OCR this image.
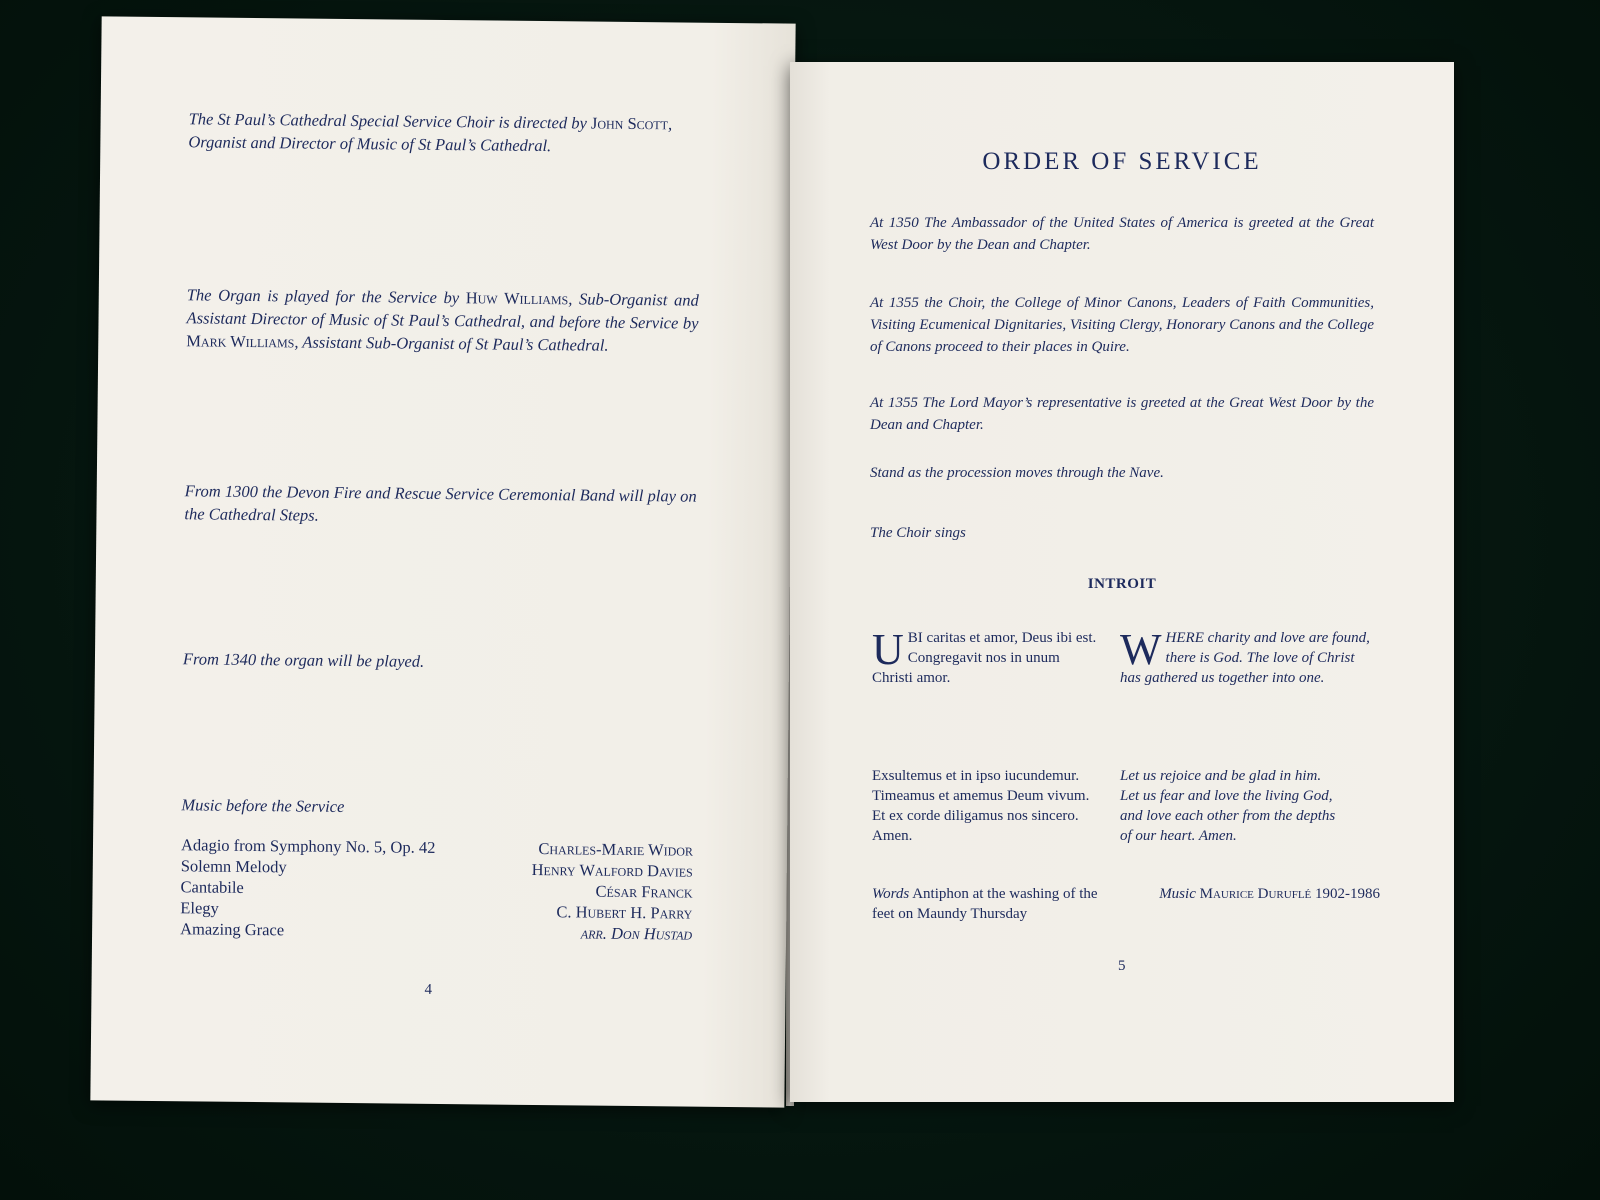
The St Paul’s Cathedral Special Service Choir is directed by John Scott, Organist and Director of Music of St Paul’s Cathedral.

The Organ is played for the Service by Huw Williams, Sub-Organist and Assistant Director of Music of St Paul’s Cathedral, and before the Service by Mark Williams, Assistant Sub-Organist of St Paul’s Cathedral.

From 1300 the Devon Fire and Rescue Service Ceremonial Band will play on the Cathedral Steps.

From 1340 the organ will be played.

Music before the Service

Adagio from Symphony No. 5, Op. 42	Charles-Marie Widor
Solemn Melody	Henry Walford Davies
Cantabile	César Franck
Elegy	C. Hubert H. Parry
Amazing Grace	arr. Don Hustad
4
ORDER OF SERVICE

At 1350 The Ambassador of the United States of America is greeted at the Great West Door by the Dean and Chapter.

At 1355 the Choir, the College of Minor Canons, Leaders of Faith Communities, Visiting Ecumenical Dignitaries, Visiting Clergy, Honorary Canons and the College of Canons proceed to their places in Quire.

At 1355 The Lord Mayor’s representative is greeted at the Great West Door by the Dean and Chapter.

Stand as the procession moves through the Nave.

The Choir sings

INTROIT

UBI caritas et amor, Deus ibi est. Congregavit nos in unum Christi amor.

WHERE charity and love are found, there is God. The love of Christ has gathered us together into one.

Exsultemus et in ipso iucundemur.
Timeamus et amemus Deum vivum.
Et ex corde diligamus nos sincero.
Amen.
Let us rejoice and be glad in him.
Let us fear and love the living God,
and love each other from the depths
of our heart. Amen.

Words Antiphon at the washing of the feet on Maundy Thursday

Music Maurice Duruflé 1902-1986

5
